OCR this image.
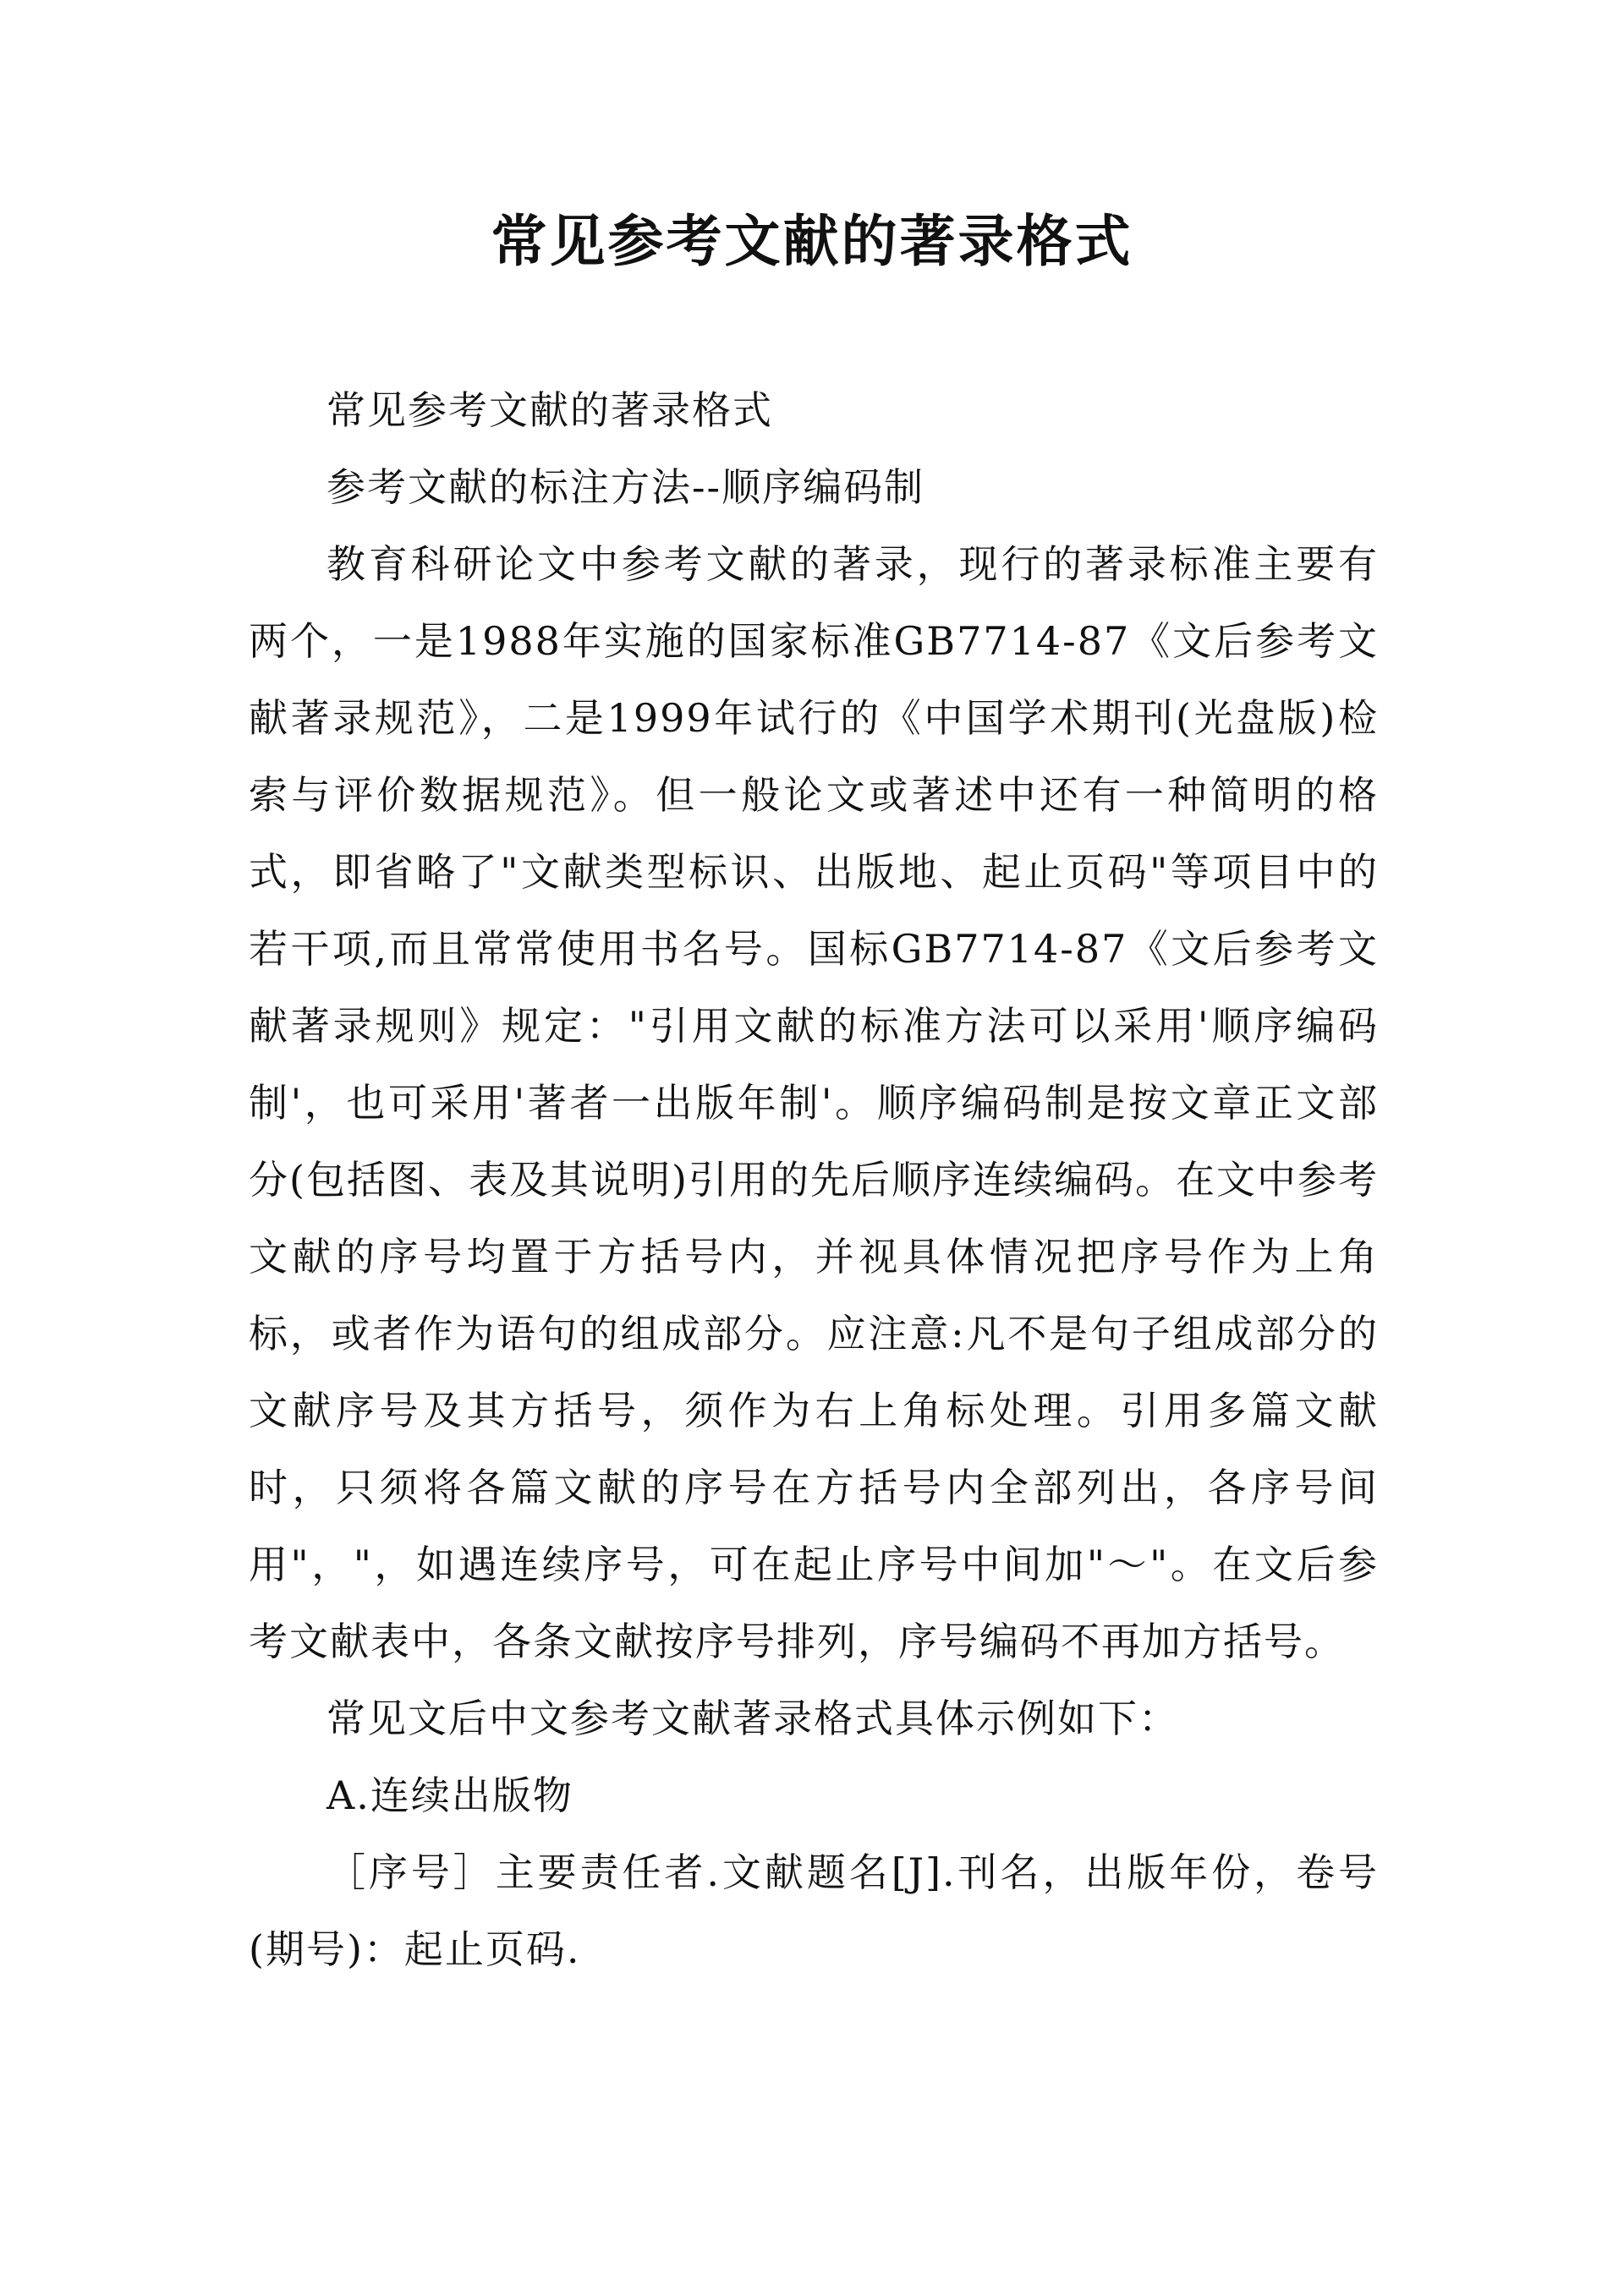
常见参考文献的著录格式

常见参考文献的著录格式

参考文献的标注方法--顺序编码制

教育科研论文中参考文献的著录，现行的著录标准主要有两个，一是1988年实施的国家标准GB7714-87《文后参考文献著录规范》，二是1999年试行的《中国学术期刊(光盘版)检索与评价数据规范》。但一般论文或著述中还有一种简明的格式，即省略了"文献类型标识、出版地、起止页码"等项目中的若干项,而且常常使用书名号。国标GB7714-87《文后参考文献著录规则》规定："引用文献的标准方法可以采用'顺序编码制'，也可采用'著者一出版年制'。顺序编码制是按文章正文部分(包括图、表及其说明)引用的先后顺序连续编码。在文中参考文献的序号均置于方括号内，并视具体情况把序号作为上角标，或者作为语句的组成部分。应注意:凡不是句子组成部分的文献序号及其方括号，须作为右上角标处理。引用多篇文献时，只须将各篇文献的序号在方括号内全部列出，各序号间用"，"，如遇连续序号，可在起止序号中间加"～"。在文后参考文献表中，各条文献按序号排列，序号编码不再加方括号。

常见文后中文参考文献著录格式具体示例如下：

A.连续出版物

［序号］主要责任者.文献题名[J].刊名，出版年份，卷号(期号)：起止页码.
